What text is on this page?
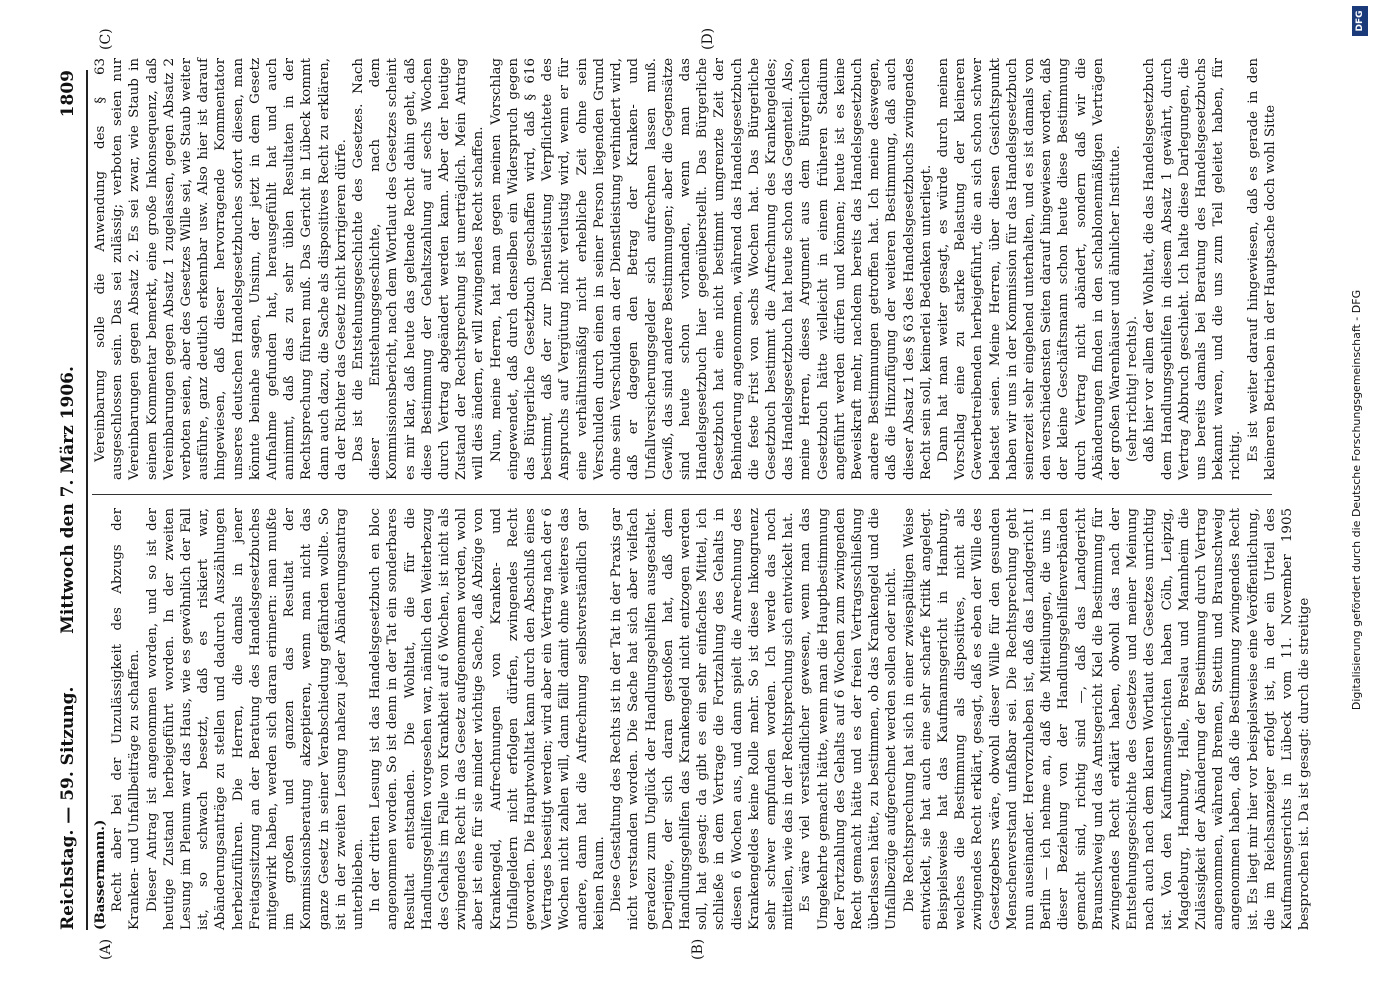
Reichstag. — 59. Sitzung.
Mittwoch den 7. März 1906.
1809
(A)	(B)
(C)	(D)

(Bassermann.) Recht aber bei der Unzulässigkeit des Abzugs der Kranken- und Unfallbeiträge zu schaffen. Dieser Antrag ist angenommen worden, und so ist der heutige Zustand herbeigeführt worden. In der zweiten Lesung im Plenum war das Haus, wie es gewöhnlich der Fall ist, so schwach besetzt, daß es riskiert war, Abänderungsanträge zu stellen und dadurch Auszählungen herbeizuführen. Die Herren, die damals in jener Freitagssitzung an der Beratung des Handelsgesetzbuches mitgewirkt haben, werden sich daran erinnern: man mußte im großen und ganzen das Resultat der Kommissionsberatung akzeptieren, wenn man nicht das ganze Gesetz in seiner Verabschiedung gefährden wollte. So ist in der zweiten Lesung nahezu jeder Abänderungsantrag unterblieben. In der dritten Lesung ist das Handelsgesetzbuch en bloc angenommen worden. So ist denn in der Tat ein sonderbares Resultat entstanden. Die Wohltat, die für die Handlungsgehilfen vorgesehen war, nämlich den Weiterbezug des Gehalts im Falle von Krankheit auf 6 Wochen, ist nicht als zwingendes Recht in das Gesetz aufgenommen worden, wohl aber ist eine für sie minder wichtige Sache, daß Abzüge von Krankengeld, Aufrechnungen von Kranken- und Unfallgeldern nicht erfolgen dürfen, zwingendes Recht geworden. Die Hauptwohltat kann durch den Abschluß eines Vertrages beseitigt werden; wird aber ein Vertrag nach der 6 Wochen nicht zahlen will, dann fällt damit ohne weiteres das andere, dann hat die Aufrechnung selbstverständlich gar keinen Raum. Diese Gestaltung des Rechts ist in der Tat in der Praxis gar nicht verstanden worden. Die Sache hat sich aber vielfach geradezu zum Unglück der Handlungsgehilfen ausgestaltet. Derjenige, der sich daran gestoßen hat, daß dem Handlungsgehilfen das Krankengeld nicht entzogen werden soll, hat gesagt: da gibt es ein sehr einfaches Mittel, ich schließe in dem Vertrage die Fortzahlung des Gehalts in diesen 6 Wochen aus, und dann spielt die Anrechnung des Krankengeldes keine Rolle mehr. So ist diese Inkongruenz sehr schwer empfunden worden. Ich werde das noch mitteilen, wie das in der Rechtsprechung sich entwickelt hat. Es wäre viel verständlicher gewesen, wenn man das Umgekehrte gemacht hätte, wenn man die Hauptbestimmung der Fortzahlung des Gehalts auf 6 Wochen zum zwingenden Recht gemacht hätte und es der freien Vertragsschließung überlassen hätte, zu bestimmen, ob das Krankengeld und die Unfallbezüge aufgerechnet werden sollen oder nicht. Die Rechtsprechung hat sich in einer zwiespältigen Weise entwickelt, sie hat auch eine sehr scharfe Kritik angelegt. Beispielsweise hat das Kaufmannsgericht in Hamburg, welches die Bestimmung als dispositives, nicht als zwingendes Recht erklärt, gesagt, daß es eben der Wille des Gesetzgebers wäre, obwohl dieser Wille für den gesunden Menschenverstand unfaßbar sei. Die Rechtsprechung geht nun auseinander. Hervorzuheben ist, daß das Landgericht I Berlin — ich nehme an, daß die Mitteilungen, die uns in dieser Beziehung von der Handlungsgehilfenverbänden gemacht sind, richtig sind —, daß das Landgericht Braunschweig und das Amtsgericht Kiel die Bestimmung für zwingendes Recht erklärt haben, obwohl das nach der Entstehungsgeschichte des Gesetzes und meiner Meinung nach auch nach dem klaren Wortlaut des Gesetzes unrichtig ist. Von den Kaufmannsgerichten haben Cöln, Leipzig, Magdeburg, Hamburg, Halle, Breslau und Mannheim die Zulässigkeit der Abänderung der Bestimmung durch Vertrag angenommen, während Bremen, Stettin und Braunschweig angenommen haben, daß die Bestimmung zwingendes Recht ist. Es liegt mir hier vor beispielsweise eine Veröffentlichung, die im Reichsanzeiger erfolgt ist, in der ein Urteil des Kaufmannsgerichts in Lübeck vom 11. November 1905 besprochen ist. Da ist gesagt: durch die streitige

Vereinbarung solle die Anwendung des § 63 ausgeschlossen sein. Das sei zulässig; verboten seien nur Vereinbarungen gegen Absatz 2. Es sei zwar, wie Staub in seinem Kommentar bemerkt, eine große Inkonsequenz, daß Vereinbarungen gegen Absatz 1 zugelassen, gegen Absatz 2 verboten seien, aber des Gesetzes Wille sei, wie Staub weiter ausführe, ganz deutlich erkennbar usw. Also hier ist darauf hingewiesen, daß dieser hervorragende Kommentator unseres deutschen Handelsgesetzbuches sofort diesen, man könnte beinahe sagen, Unsinn, der jetzt in dem Gesetz Aufnahme gefunden hat, herausgefühlt hat und auch annimmt, daß das zu sehr üblen Resultaten in der Rechtsprechung führen muß. Das Gericht in Lübeck kommt dann auch dazu, die Sache als dispositives Recht zu erklären, da der Richter das Gesetz nicht korrigieren dürfe. Das ist die Entstehungsgeschichte des Gesetzes. Nach dieser Entstehungsgeschichte, nach dem Kommissionsbericht, nach dem Wortlaut des Gesetzes scheint es mir klar, daß heute das geltende Recht dahin geht, daß diese Bestimmung der Gehaltszahlung auf sechs Wochen durch Vertrag abgeändert werden kann. Aber der heutige Zustand der Rechtsprechung ist unerträglich. Mein Antrag will dies ändern, er will zwingendes Recht schaffen. Nun, meine Herren, hat man gegen meinen Vorschlag eingewendet, daß durch denselben ein Widerspruch gegen das Bürgerliche Gesetzbuch geschaffen wird, daß § 616 bestimmt, daß der zur Dienstleistung Verpflichtete des Anspruchs auf Vergütung nicht verlustig wird, wenn er für eine verhältnismäßig nicht erhebliche Zeit ohne sein Verschulden durch einen in seiner Person liegenden Grund ohne sein Verschulden an der Dienstleistung verhindert wird, daß er dagegen den Betrag der Kranken- und Unfallversicherungsgelder sich aufrechnen lassen muß. Gewiß, das sind andere Bestimmungen; aber die Gegensätze sind heute schon vorhanden, wenn man das Handelsgesetzbuch hier gegenüberstellt. Das Bürgerliche Gesetzbuch hat eine nicht bestimmt umgrenzte Zeit der Behinderung angenommen, während das Handelsgesetzbuch die feste Frist von sechs Wochen hat. Das Bürgerliche Gesetzbuch bestimmt die Aufrechnung des Krankengeldes; das Handelsgesetzbuch hat heute schon das Gegenteil. Also, meine Herren, dieses Argument aus dem Bürgerlichen Gesetzbuch hätte vielleicht in einem früheren Stadium angeführt werden dürfen und können; heute ist es keine Beweiskraft mehr, nachdem bereits das Handelsgesetzbuch andere Bestimmungen getroffen hat. Ich meine deswegen, daß die Hinzufügung der weiteren Bestimmung, daß auch dieser Absatz 1 des § 63 des Handelsgesetzbuchs zwingendes Recht sein soll, keinerlei Bedenken unterliegt. Dann hat man weiter gesagt, es würde durch meinen Vorschlag eine zu starke Belastung der kleineren Gewerbetreibenden herbeigeführt, die an sich schon schwer belastet seien. Meine Herren, über diesen Gesichtspunkt haben wir uns in der Kommission für das Handelsgesetzbuch seinerzeit sehr eingehend unterhalten, und es ist damals von den verschiedensten Seiten darauf hingewiesen worden, daß der kleine Geschäftsmann schon heute diese Bestimmung durch Vertrag nicht abändert, sondern daß wir die Abänderungen finden in den schablonenmäßigen Verträgen der großen Warenhäuser und ähnlicher Institute. (sehr richtig! rechts). daß hier vor allem der Wohltat, die das Handelsgesetzbuch dem Handlungsgehilfen in diesem Absatz 1 gewährt, durch Vertrag Abbruch geschieht. Ich halte diese Darlegungen, die uns bereits damals bei Beratung des Handelsgesetzbuchs bekannt waren, und die uns zum Teil geleitet haben, für richtig. Es ist weiter darauf hingewiesen, daß es gerade in den kleineren Betrieben in der Hauptsache doch wohl Sitte	Digitalisierung gefördert durch die Deutsche Forschungsgemeinschaft - DFG
DFG
